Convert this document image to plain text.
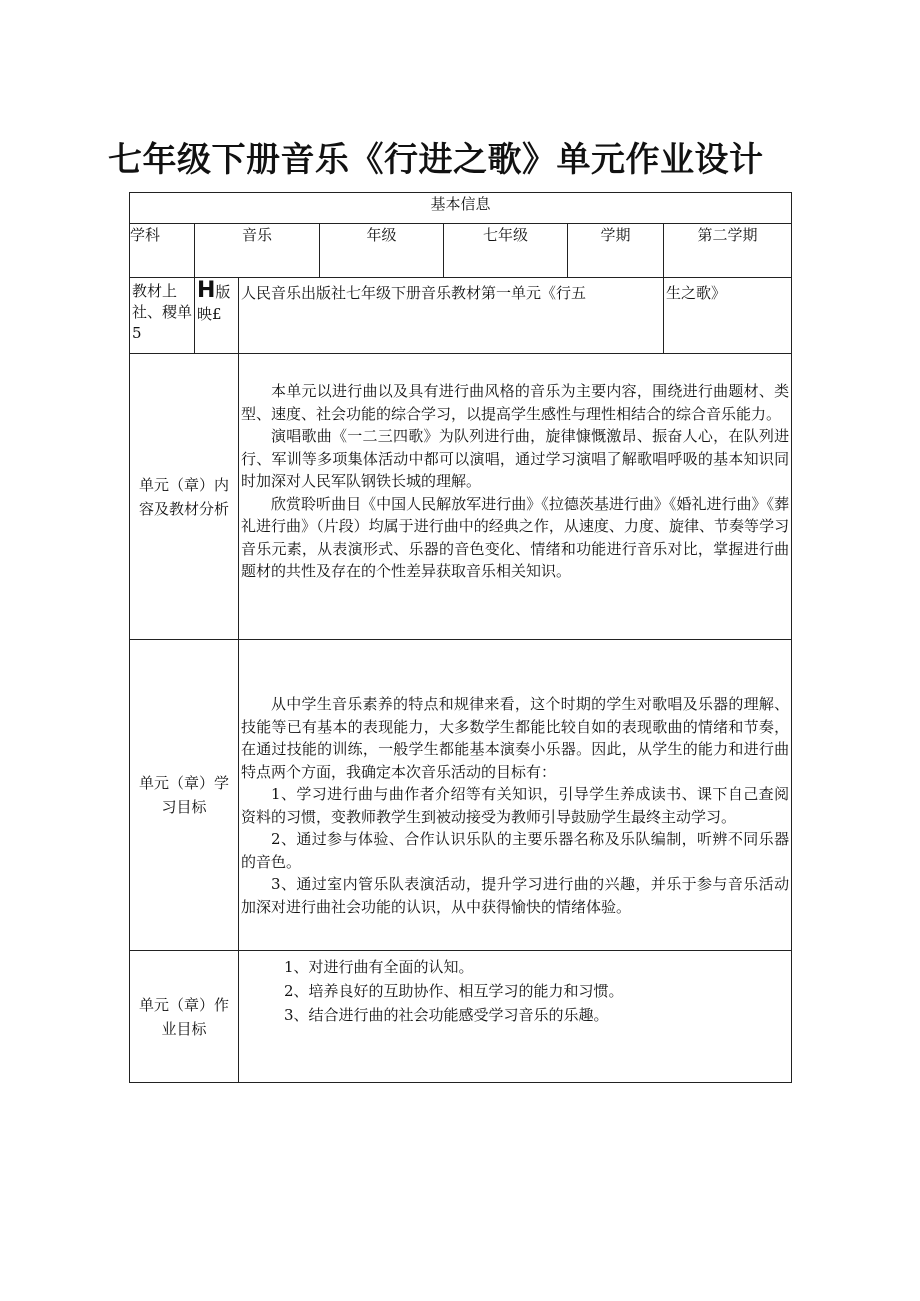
七年级下册音乐《行进之歌》单元作业设计
基本信息						
学科	音乐		年级	七年级	学期	第二学期

教材上社、稷单5	H版映£	人民音乐出版社七年级下册音乐教材第一单元《行五				生之歌》

单元（章）内容及教材分析		本单元以进行曲以及具有进行曲风格的音乐为主要内容，围绕进行曲题材、类型、速度、社会功能的综合学习，以提高学生感性与理性相结合的综合音乐能力。

演唱歌曲《一二三四歌》为队列进行曲，旋律慷慨激昂、振奋人心，在队列进行、军训等多项集体活动中都可以演唱，通过学习演唱了解歌唱呼吸的基本知识同时加深对人民军队钢铁长城的理解。

欣赏聆听曲目《中国人民解放军进行曲》《拉德茨基进行曲》《婚礼进行曲》《葬礼进行曲》（片段）均属于进行曲中的经典之作，从速度、力度、旋律、节奏等学习音乐元素，从表演形式、乐器的音色变化、情绪和功能进行音乐对比，掌握进行曲题材的共性及存在的个性差异获取音乐相关知识。				

单元（章）学习目标		从中学生音乐素养的特点和规律来看，这个时期的学生对歌唱及乐器的理解、技能等已有基本的表现能力，大多数学生都能比较自如的表现歌曲的情绪和节奏，在通过技能的训练，一般学生都能基本演奏小乐器。因此，从学生的能力和进行曲特点两个方面，我确定本次音乐活动的目标有：

1、学习进行曲与曲作者介绍等有关知识，引导学生养成读书、课下自己查阅资料的习惯，变教师教学生到被动接受为教师引导鼓励学生最终主动学习。

2、通过参与体验、合作认识乐队的主要乐器名称及乐队编制，听辨不同乐器的音色。

3、通过室内管乐队表演活动，提升学习进行曲的兴趣，并乐于参与音乐活动加深对进行曲社会功能的认识，从中获得愉快的情绪体验。				

单元（章）作业目标		1、对进行曲有全面的认知。

2、培养良好的互助协作、相互学习的能力和习惯。

3、结合进行曲的社会功能感受学习音乐的乐趣。				
